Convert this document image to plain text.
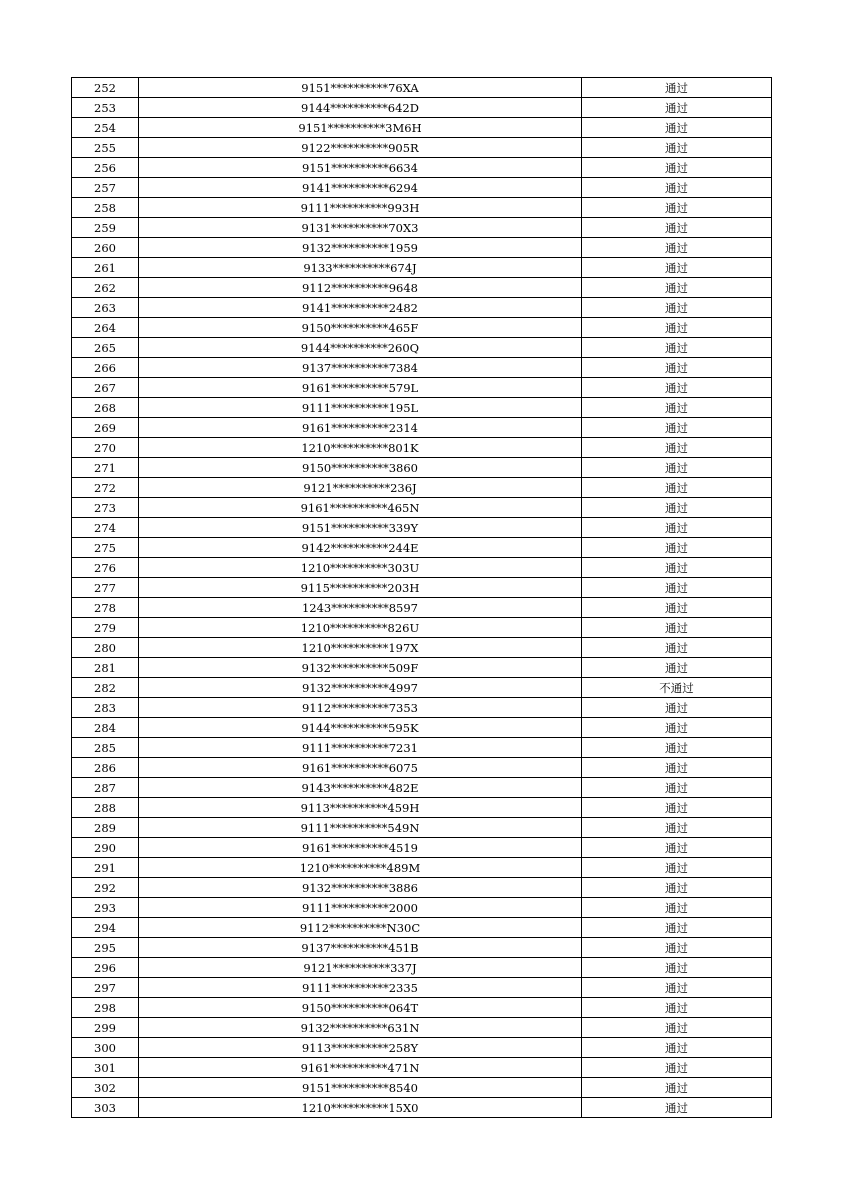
252	9151**********76XA	通过
253	9144**********642D	通过
254	9151**********3M6H	通过
255	9122**********905R	通过
256	9151**********6634	通过
257	9141**********6294	通过
258	9111**********993H	通过
259	9131**********70X3	通过
260	9132**********1959	通过
261	9133**********674J	通过
262	9112**********9648	通过
263	9141**********2482	通过
264	9150**********465F	通过
265	9144**********260Q	通过
266	9137**********7384	通过
267	9161**********579L	通过
268	9111**********195L	通过
269	9161**********2314	通过
270	1210**********801K	通过
271	9150**********3860	通过
272	9121**********236J	通过
273	9161**********465N	通过
274	9151**********339Y	通过
275	9142**********244E	通过
276	1210**********303U	通过
277	9115**********203H	通过
278	1243**********8597	通过
279	1210**********826U	通过
280	1210**********197X	通过
281	9132**********509F	通过
282	9132**********4997	不通过
283	9112**********7353	通过
284	9144**********595K	通过
285	9111**********7231	通过
286	9161**********6075	通过
287	9143**********482E	通过
288	9113**********459H	通过
289	9111**********549N	通过
290	9161**********4519	通过
291	1210**********489M	通过
292	9132**********3886	通过
293	9111**********2000	通过
294	9112**********N30C	通过
295	9137**********451B	通过
296	9121**********337J	通过
297	9111**********2335	通过
298	9150**********064T	通过
299	9132**********631N	通过
300	9113**********258Y	通过
301	9161**********471N	通过
302	9151**********8540	通过
303	1210**********15X0	通过
